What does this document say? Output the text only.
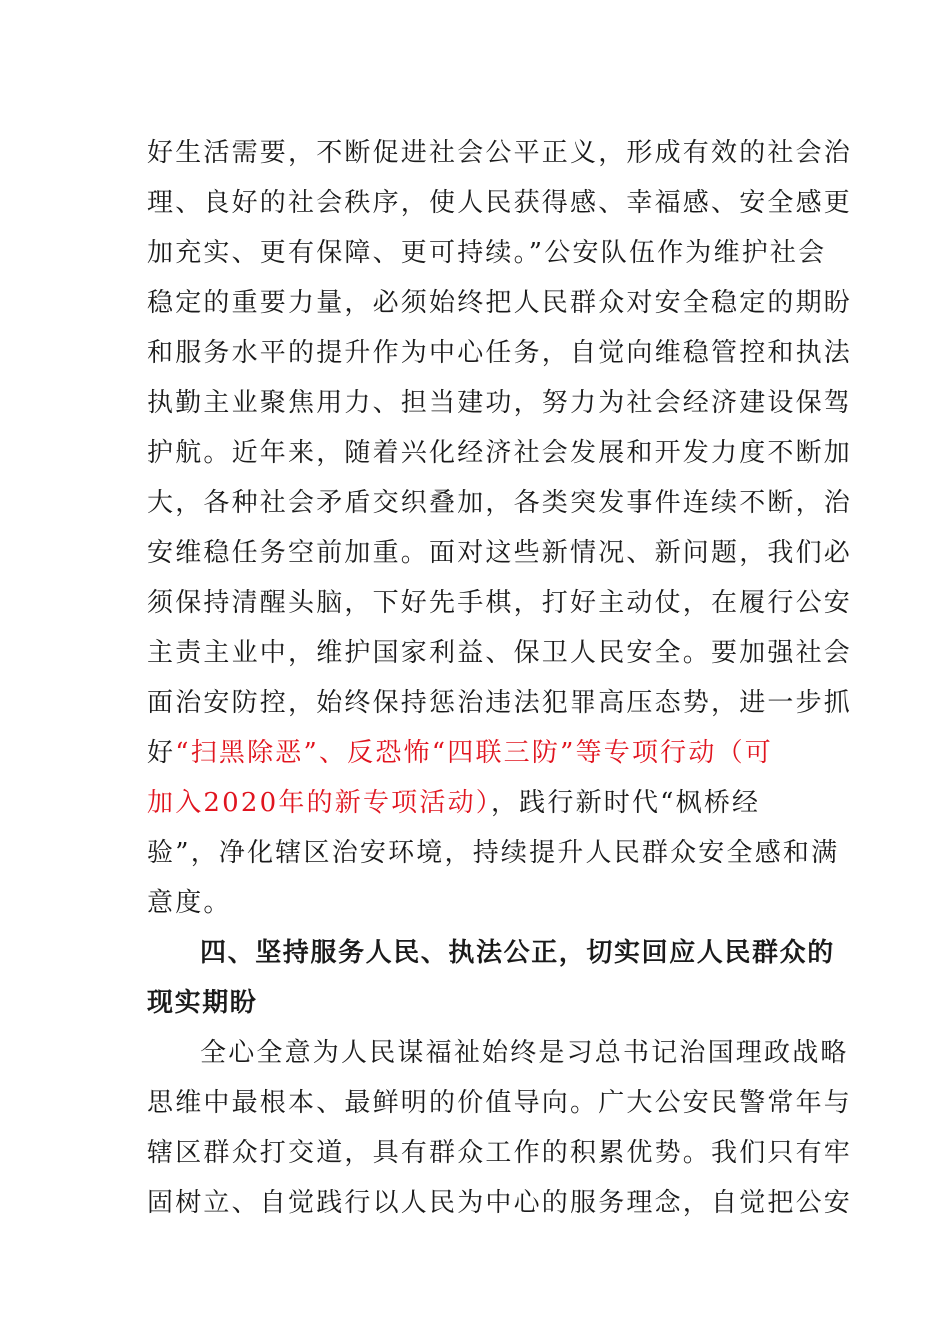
好生活需要，不断促进社会公平正义，形成有效的社会治
理、良好的社会秩序，使人民获得感、幸福感、安全感更
加充实、更有保障、更可持续。”公安队伍作为维护社会
稳定的重要力量，必须始终把人民群众对安全稳定的期盼
和服务水平的提升作为中心任务，自觉向维稳管控和执法
执勤主业聚焦用力、担当建功，努力为社会经济建设保驾
护航。近年来，随着兴化经济社会发展和开发力度不断加
大，各种社会矛盾交织叠加，各类突发事件连续不断，治
安维稳任务空前加重。面对这些新情况、新问题，我们必
须保持清醒头脑，下好先手棋，打好主动仗，在履行公安
主责主业中，维护国家利益、保卫人民安全。要加强社会
面治安防控，始终保持惩治违法犯罪高压态势，进一步抓
好“扫黑除恶”、反恐怖“四联三防”等专项行动（可
加入2020年的新专项活动），践行新时代“枫桥经
验”，净化辖区治安环境，持续提升人民群众安全感和满
意度。
四、坚持服务人民、执法公正，切实回应人民群众的
现实期盼
全心全意为人民谋福祉始终是习总书记治国理政战略
思维中最根本、最鲜明的价值导向。广大公安民警常年与
辖区群众打交道，具有群众工作的积累优势。我们只有牢
固树立、自觉践行以人民为中心的服务理念，自觉把公安
